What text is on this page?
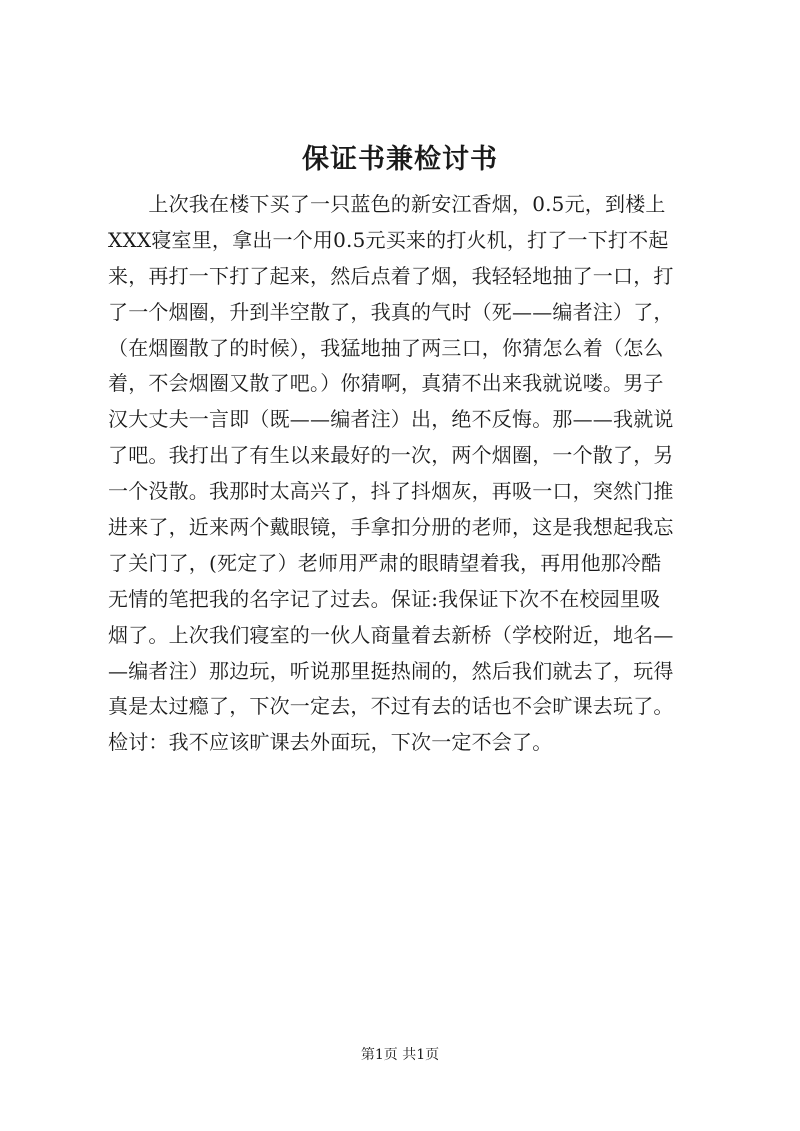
保证书兼检讨书
　　上次我在楼下买了一只蓝色的新安江香烟，0.5元，到楼上
XXX寝室里，拿出一个用0.5元买来的打火机，打了一下打不起
来，再打一下打了起来，然后点着了烟，我轻轻地抽了一口，打
了一个烟圈，升到半空散了，我真的气时（死——编者注）了，
（在烟圈散了的时候），我猛地抽了两三口，你猜怎么着（怎么
着，不会烟圈又散了吧。）你猜啊，真猜不出来我就说喽。男子
汉大丈夫一言即（既——编者注）出，绝不反悔。那——我就说
了吧。我打出了有生以来最好的一次，两个烟圈，一个散了，另
一个没散。我那时太高兴了，抖了抖烟灰，再吸一口，突然门推
进来了，近来两个戴眼镜，手拿扣分册的老师，这是我想起我忘
了关门了，(死定了）老师用严肃的眼睛望着我，再用他那冷酷
无情的笔把我的名字记了过去。保证:我保证下次不在校园里吸
烟了。上次我们寝室的一伙人商量着去新桥（学校附近，地名—
—编者注）那边玩，听说那里挺热闹的，然后我们就去了，玩得
真是太过瘾了，下次一定去，不过有去的话也不会旷课去玩了。
检讨：我不应该旷课去外面玩，下次一定不会了。
第1页 共1页
